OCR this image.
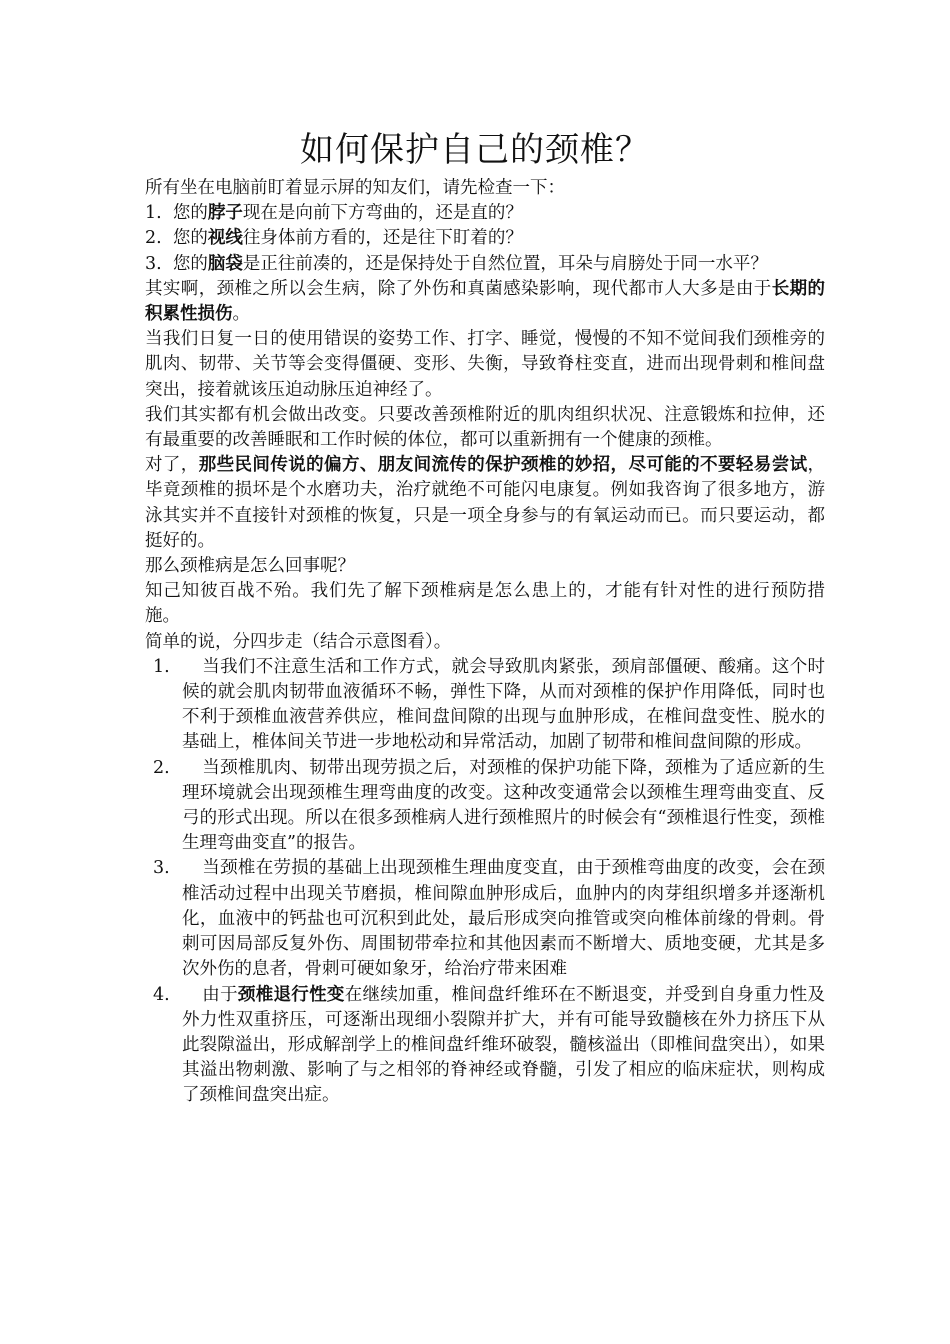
如何保护自己的颈椎？

所有坐在电脑前盯着显示屏的知友们，请先检查一下：

1. 您的脖子现在是向前下方弯曲的，还是直的？

2. 您的视线往身体前方看的，还是往下盯着的？

3. 您的脑袋是正往前凑的，还是保持处于自然位置，耳朵与肩膀处于同一水平？

其实啊，颈椎之所以会生病，除了外伤和真菌感染影响，现代都市人大多是由于长期的积累性损伤。

当我们日复一日的使用错误的姿势工作、打字、睡觉，慢慢的不知不觉间我们颈椎旁的肌肉、韧带、关节等会变得僵硬、变形、失衡，导致脊柱变直，进而出现骨刺和椎间盘突出，接着就该压迫动脉压迫神经了。

我们其实都有机会做出改变。只要改善颈椎附近的肌肉组织状况、注意锻炼和拉伸，还有最重要的改善睡眠和工作时候的体位，都可以重新拥有一个健康的颈椎。

对了，那些民间传说的偏方、朋友间流传的保护颈椎的妙招，尽可能的不要轻易尝试，毕竟颈椎的损坏是个水磨功夫，治疗就绝不可能闪电康复。例如我咨询了很多地方，游泳其实并不直接针对颈椎的恢复，只是一项全身参与的有氧运动而已。而只要运动，都挺好的。

那么颈椎病是怎么回事呢？

知己知彼百战不殆。我们先了解下颈椎病是怎么患上的，才能有针对性的进行预防措施。

简单的说，分四步走（结合示意图看）。

1. 当我们不注意生活和工作方式，就会导致肌肉紧张，颈肩部僵硬、酸痛。这个时候的就会肌肉韧带血液循环不畅，弹性下降，从而对颈椎的保护作用降低，同时也不利于颈椎血液营养供应，椎间盘间隙的出现与血肿形成，在椎间盘变性、脱水的基础上，椎体间关节进一步地松动和异常活动，加剧了韧带和椎间盘间隙的形成。
2. 当颈椎肌肉、韧带出现劳损之后，对颈椎的保护功能下降，颈椎为了适应新的生理环境就会出现颈椎生理弯曲度的改变。这种改变通常会以颈椎生理弯曲变直、反弓的形式出现。所以在很多颈椎病人进行颈椎照片的时候会有“颈椎退行性变，颈椎生理弯曲变直”的报告。
3. 当颈椎在劳损的基础上出现颈椎生理曲度变直，由于颈椎弯曲度的改变，会在颈椎活动过程中出现关节磨损，椎间隙血肿形成后，血肿内的肉芽组织增多并逐渐机化，血液中的钙盐也可沉积到此处，最后形成突向推管或突向椎体前缘的骨刺。骨刺可因局部反复外伤、周围韧带牵拉和其他因素而不断增大、质地变硬，尤其是多次外伤的息者，骨刺可硬如象牙，给治疗带来困难
4. 由于颈椎退行性变在继续加重，椎间盘纤维环在不断退变，并受到自身重力性及外力性双重挤压，可逐渐出现细小裂隙并扩大，并有可能导致髓核在外力挤压下从此裂隙溢出，形成解剖学上的椎间盘纤维环破裂，髓核溢出（即椎间盘突出），如果其溢出物刺激、影响了与之相邻的脊神经或脊髓，引发了相应的临床症状，则构成了颈椎间盘突出症。
